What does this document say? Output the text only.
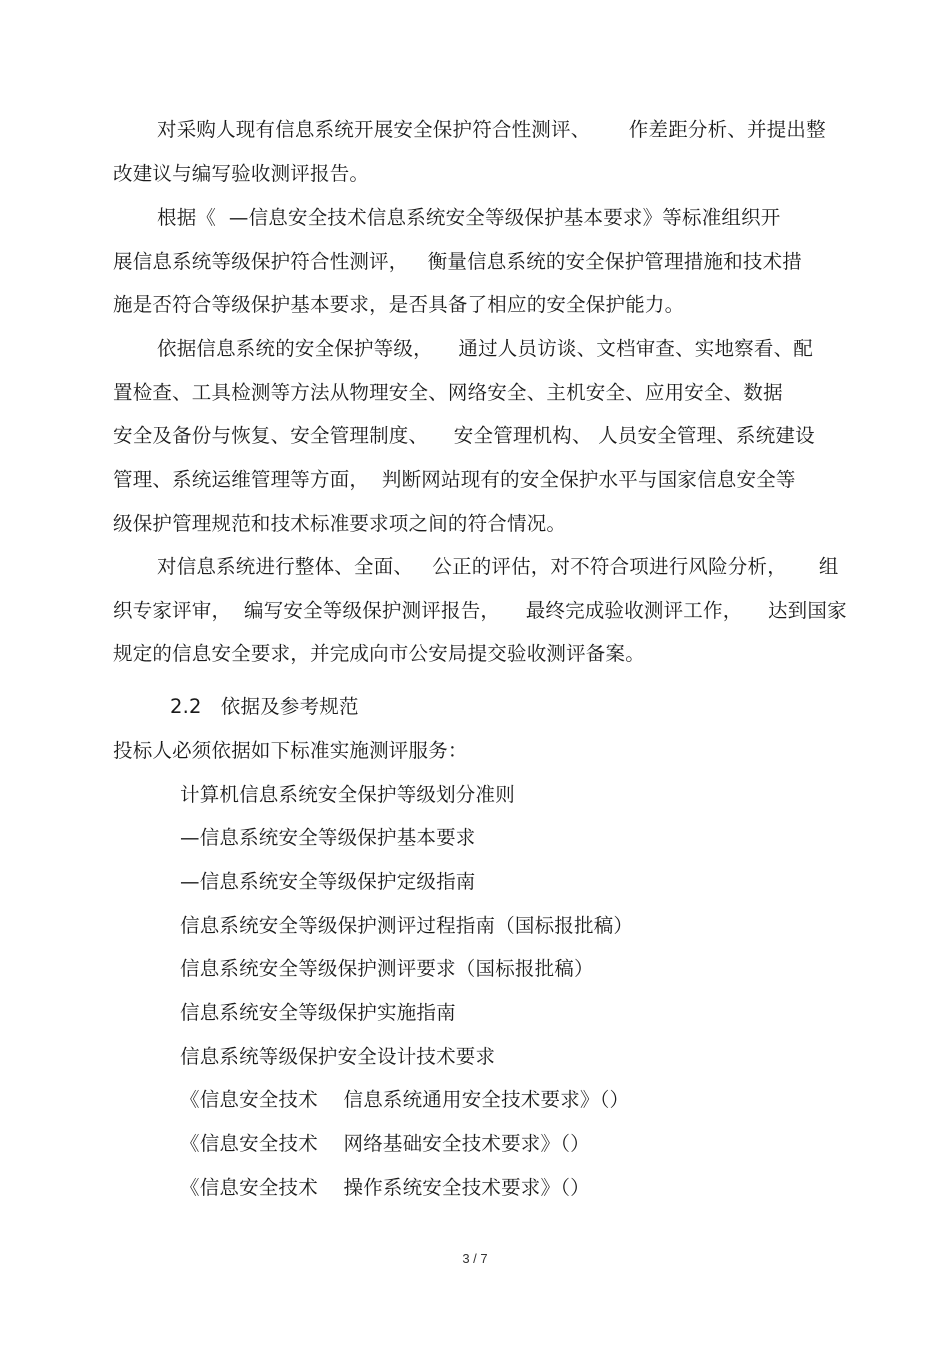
对采购人现有信息系统开展安全保护符合性测评、      作差距分析、并提出整
改建议与编写验收测评报告。
根据《  —信息安全技术信息系统安全等级保护基本要求》等标准组织开
展信息系统等级保护符合性测评，   衡量信息系统的安全保护管理措施和技术措
施是否符合等级保护基本要求，是否具备了相应的安全保护能力。
依据信息系统的安全保护等级，    通过人员访谈、文档审查、实地察看、配
置检查、工具检测等方法从物理安全、网络安全、主机安全、应用安全、数据
安全及备份与恢复、安全管理制度、    安全管理机构、 人员安全管理、系统建设
管理、系统运维管理等方面，  判断网站现有的安全保护水平与国家信息安全等
级保护管理规范和技术标准要求项之间的符合情况。
对信息系统进行整体、全面、   公正的评估，对不符合项进行风险分析，     组
织专家评审，  编写安全等级保护测评报告，    最终完成验收测评工作，    达到国家
规定的信息安全要求，并完成向市公安局提交验收测评备案。
2.2   依据及参考规范
投标人必须依据如下标准实施测评服务：
计算机信息系统安全保护等级划分准则
—信息系统安全等级保护基本要求
—信息系统安全等级保护定级指南
信息系统安全等级保护测评过程指南（国标报批稿）
信息系统安全等级保护测评要求（国标报批稿）
信息系统安全等级保护实施指南
信息系统等级保护安全设计技术要求
《信息安全技术    信息系统通用安全技术要求》（）
《信息安全技术    网络基础安全技术要求》（）
《信息安全技术    操作系统安全技术要求》（）
3 / 7
